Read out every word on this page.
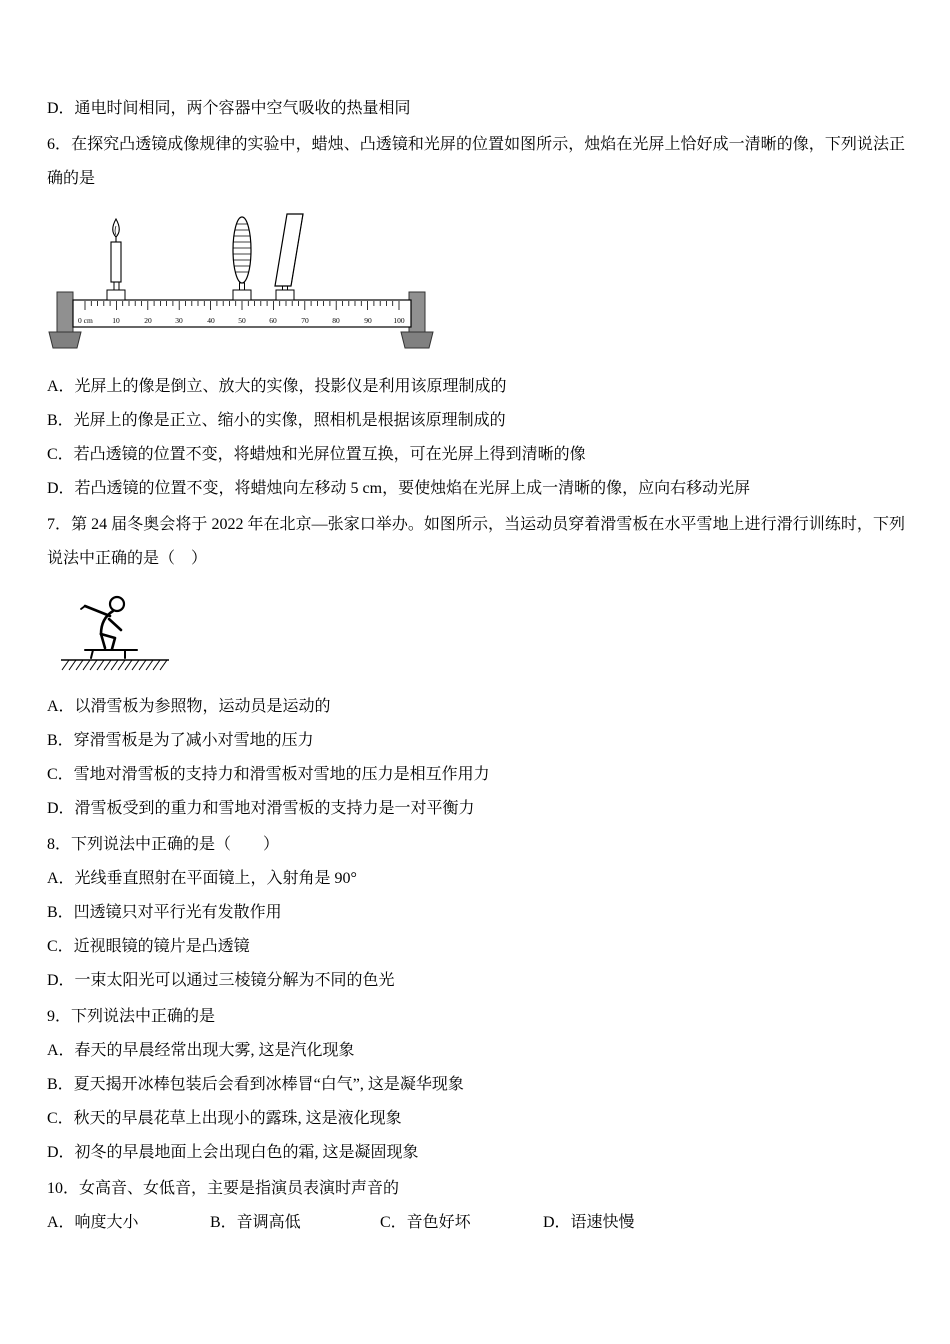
D．通电时间相同，两个容器中空气吸收的热量相同

6．在探究凸透镜成像规律的实验中，蜡烛、凸透镜和光屏的位置如图所示，烛焰在光屏上恰好成一清晰的像，下列说法正确的是

0 cm	10	20	30	40	50	60	70	80	90	100

A．光屏上的像是倒立、放大的实像，投影仪是利用该原理制成的

B．光屏上的像是正立、缩小的实像，照相机是根据该原理制成的

C．若凸透镜的位置不变，将蜡烛和光屏位置互换，可在光屏上得到清晰的像

D．若凸透镜的位置不变，将蜡烛向左移动 5 cm，要使烛焰在光屏上成一清晰的像，应向右移动光屏

7．第 24 届冬奥会将于 2022 年在北京—张家口举办。如图所示，当运动员穿着滑雪板在水平雪地上进行滑行训练时，下列说法中正确的是（　）

A．以滑雪板为参照物，运动员是运动的

B．穿滑雪板是为了减小对雪地的压力

C．雪地对滑雪板的支持力和滑雪板对雪地的压力是相互作用力

D．滑雪板受到的重力和雪地对滑雪板的支持力是一对平衡力

8．下列说法中正确的是（　　）

A．光线垂直照射在平面镜上，入射角是 90°

B．凹透镜只对平行光有发散作用

C．近视眼镜的镜片是凸透镜

D．一束太阳光可以通过三棱镜分解为不同的色光

9．下列说法中正确的是

A．春天的早晨经常出现大雾, 这是汽化现象

B．夏天揭开冰棒包装后会看到冰棒冒“白气”, 这是凝华现象

C．秋天的早晨花草上出现小的露珠, 这是液化现象

D．初冬的早晨地面上会出现白色的霜, 这是凝固现象

10．女高音、女低音，主要是指演员表演时声音的

A．响度大小	B．音调高低	C．音色好坏	D．语速快慢
